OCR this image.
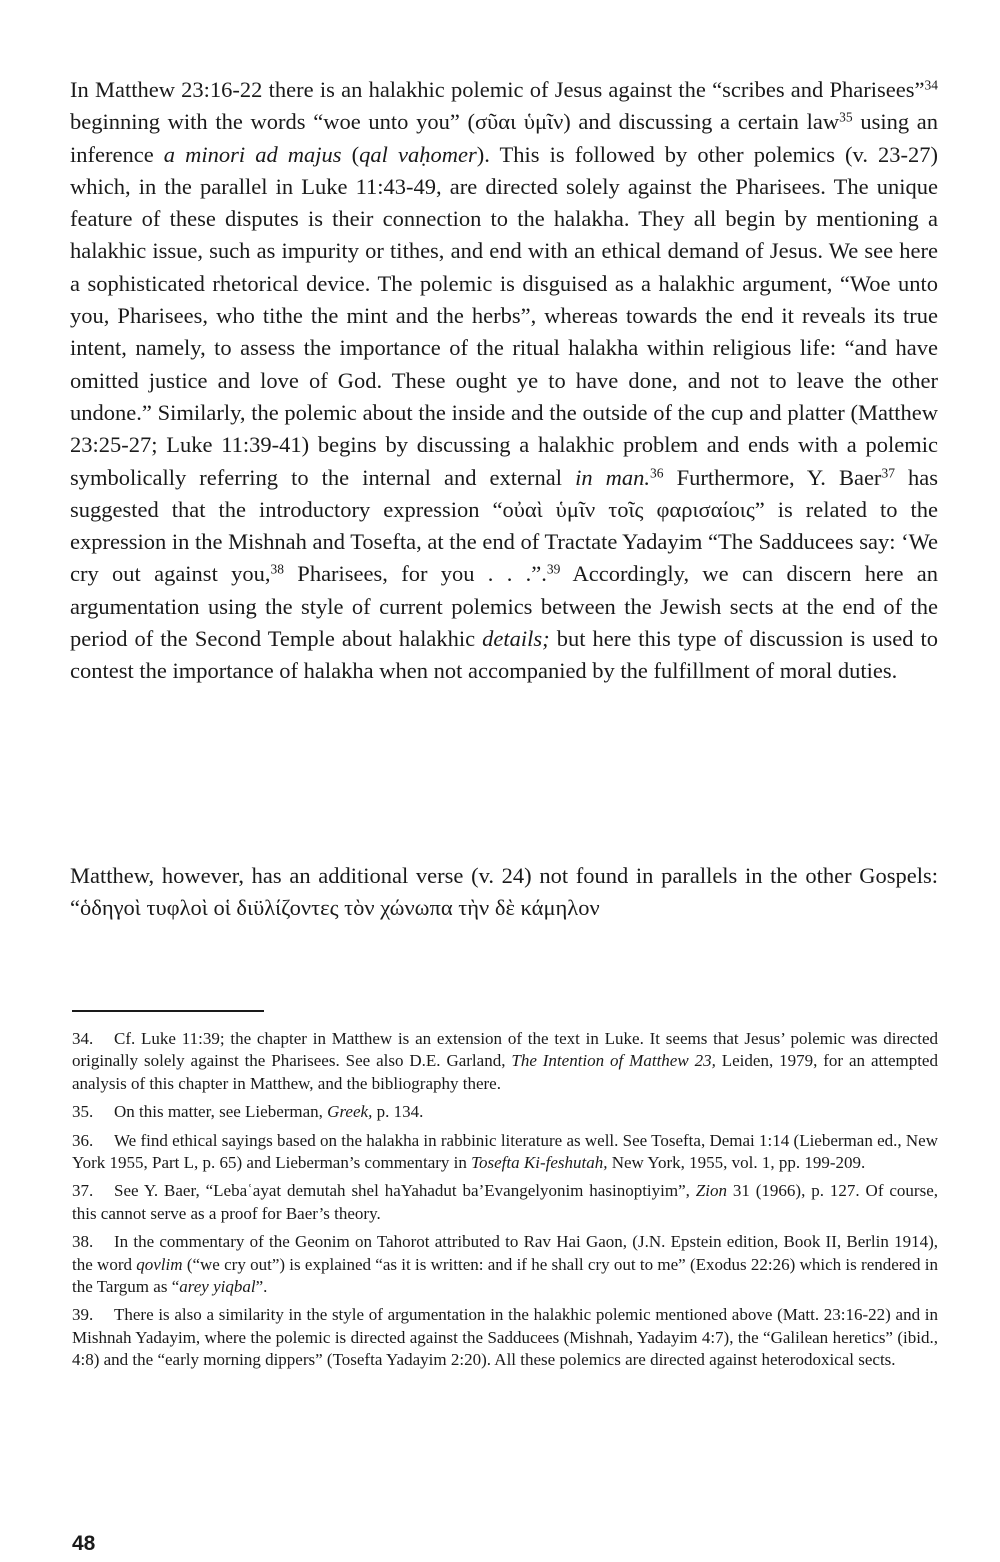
In Matthew 23:16-22 there is an halakhic polemic of Jesus against the “scribes and Pharisees”$^{34}$ beginning with the words “woe unto you” (σῦαι ὑμῖν) and discussing a certain law$^{35}$ using an inference a minori ad majus (qal vaḥomer). This is followed by other polemics (v. 23-27) which, in the parallel in Luke 11:43-49, are directed solely against the Pharisees. The unique feature of these disputes is their connection to the halakha. They all begin by mentioning a halakhic issue, such as impurity or tithes, and end with an ethical demand of Jesus. We see here a sophisticated rhetorical device. The polemic is disguised as a halakhic argument, “Woe unto you, Pharisees, who tithe the mint and the herbs”, whereas towards the end it reveals its true intent, namely, to assess the importance of the ritual halakha within religious life: “and have omitted justice and love of God. These ought ye to have done, and not to leave the other undone.” Similarly, the polemic about the inside and the outside of the cup and platter (Matthew 23:25-27; Luke 11:39-41) begins by discussing a halakhic problem and ends with a polemic symbolically referring to the internal and external in man.$^{36}$ Furthermore, Y. Baer$^{37}$ has suggested that the introductory expression “οὐαὶ ὑμῖν τοῖς φαρισαίοις” is related to the expression in the Mishnah and Tosefta, at the end of Tractate Yadayim “The Sadducees say: ‘We cry out against you,$^{38}$ Pharisees, for you . . .”.$^{39}$ Accordingly, we can discern here an argumentation using the style of current polemics between the Jewish sects at the end of the period of the Second Temple about halakhic details; but here this type of discussion is used to contest the importance of halakha when not accompanied by the fulfillment of moral duties.

Matthew, however, has an additional verse (v. 24) not found in parallels in the other Gospels: “ὁδηγοὶ τυφλοὶ οἱ διϋλίζοντες τὸν χώνωπα τὴν δὲ κάμηλον

34. Cf. Luke 11:39; the chapter in Matthew is an extension of the text in Luke. It seems that Jesus’ polemic was directed originally solely against the Pharisees. See also D.E. Garland, The Intention of Matthew 23, Leiden, 1979, for an attempted analysis of this chapter in Matthew, and the bibliography there.

35. On this matter, see Lieberman, Greek, p. 134.

36. We find ethical sayings based on the halakha in rabbinic literature as well. See Tosefta, Demai 1:14 (Lieberman ed., New York 1955, Part L, p. 65) and Lieberman’s commentary in Tosefta Ki-feshutah, New York, 1955, vol. 1, pp. 199-209.

37. See Y. Baer, “Lebaʿayat demutah shel haYahadut ba’Evangelyonim hasinoptiyim”, Zion 31 (1966), p. 127. Of course, this cannot serve as a proof for Baer’s theory.

38. In the commentary of the Geonim on Tahorot attributed to Rav Hai Gaon, (J.N. Epstein edition, Book II, Berlin 1914), the word qovlim (“we cry out”) is explained “as it is written: and if he shall cry out to me” (Exodus 22:26) which is rendered in the Targum as “arey yiqbal”.

39. There is also a similarity in the style of argumentation in the halakhic polemic mentioned above (Matt. 23:16-22) and in Mishnah Yadayim, where the polemic is directed against the Sadducees (Mishnah, Yadayim 4:7), the “Galilean heretics” (ibid., 4:8) and the “early morning dippers” (Tosefta Yadayim 2:20). All these polemics are directed against heterodoxical sects.

48
